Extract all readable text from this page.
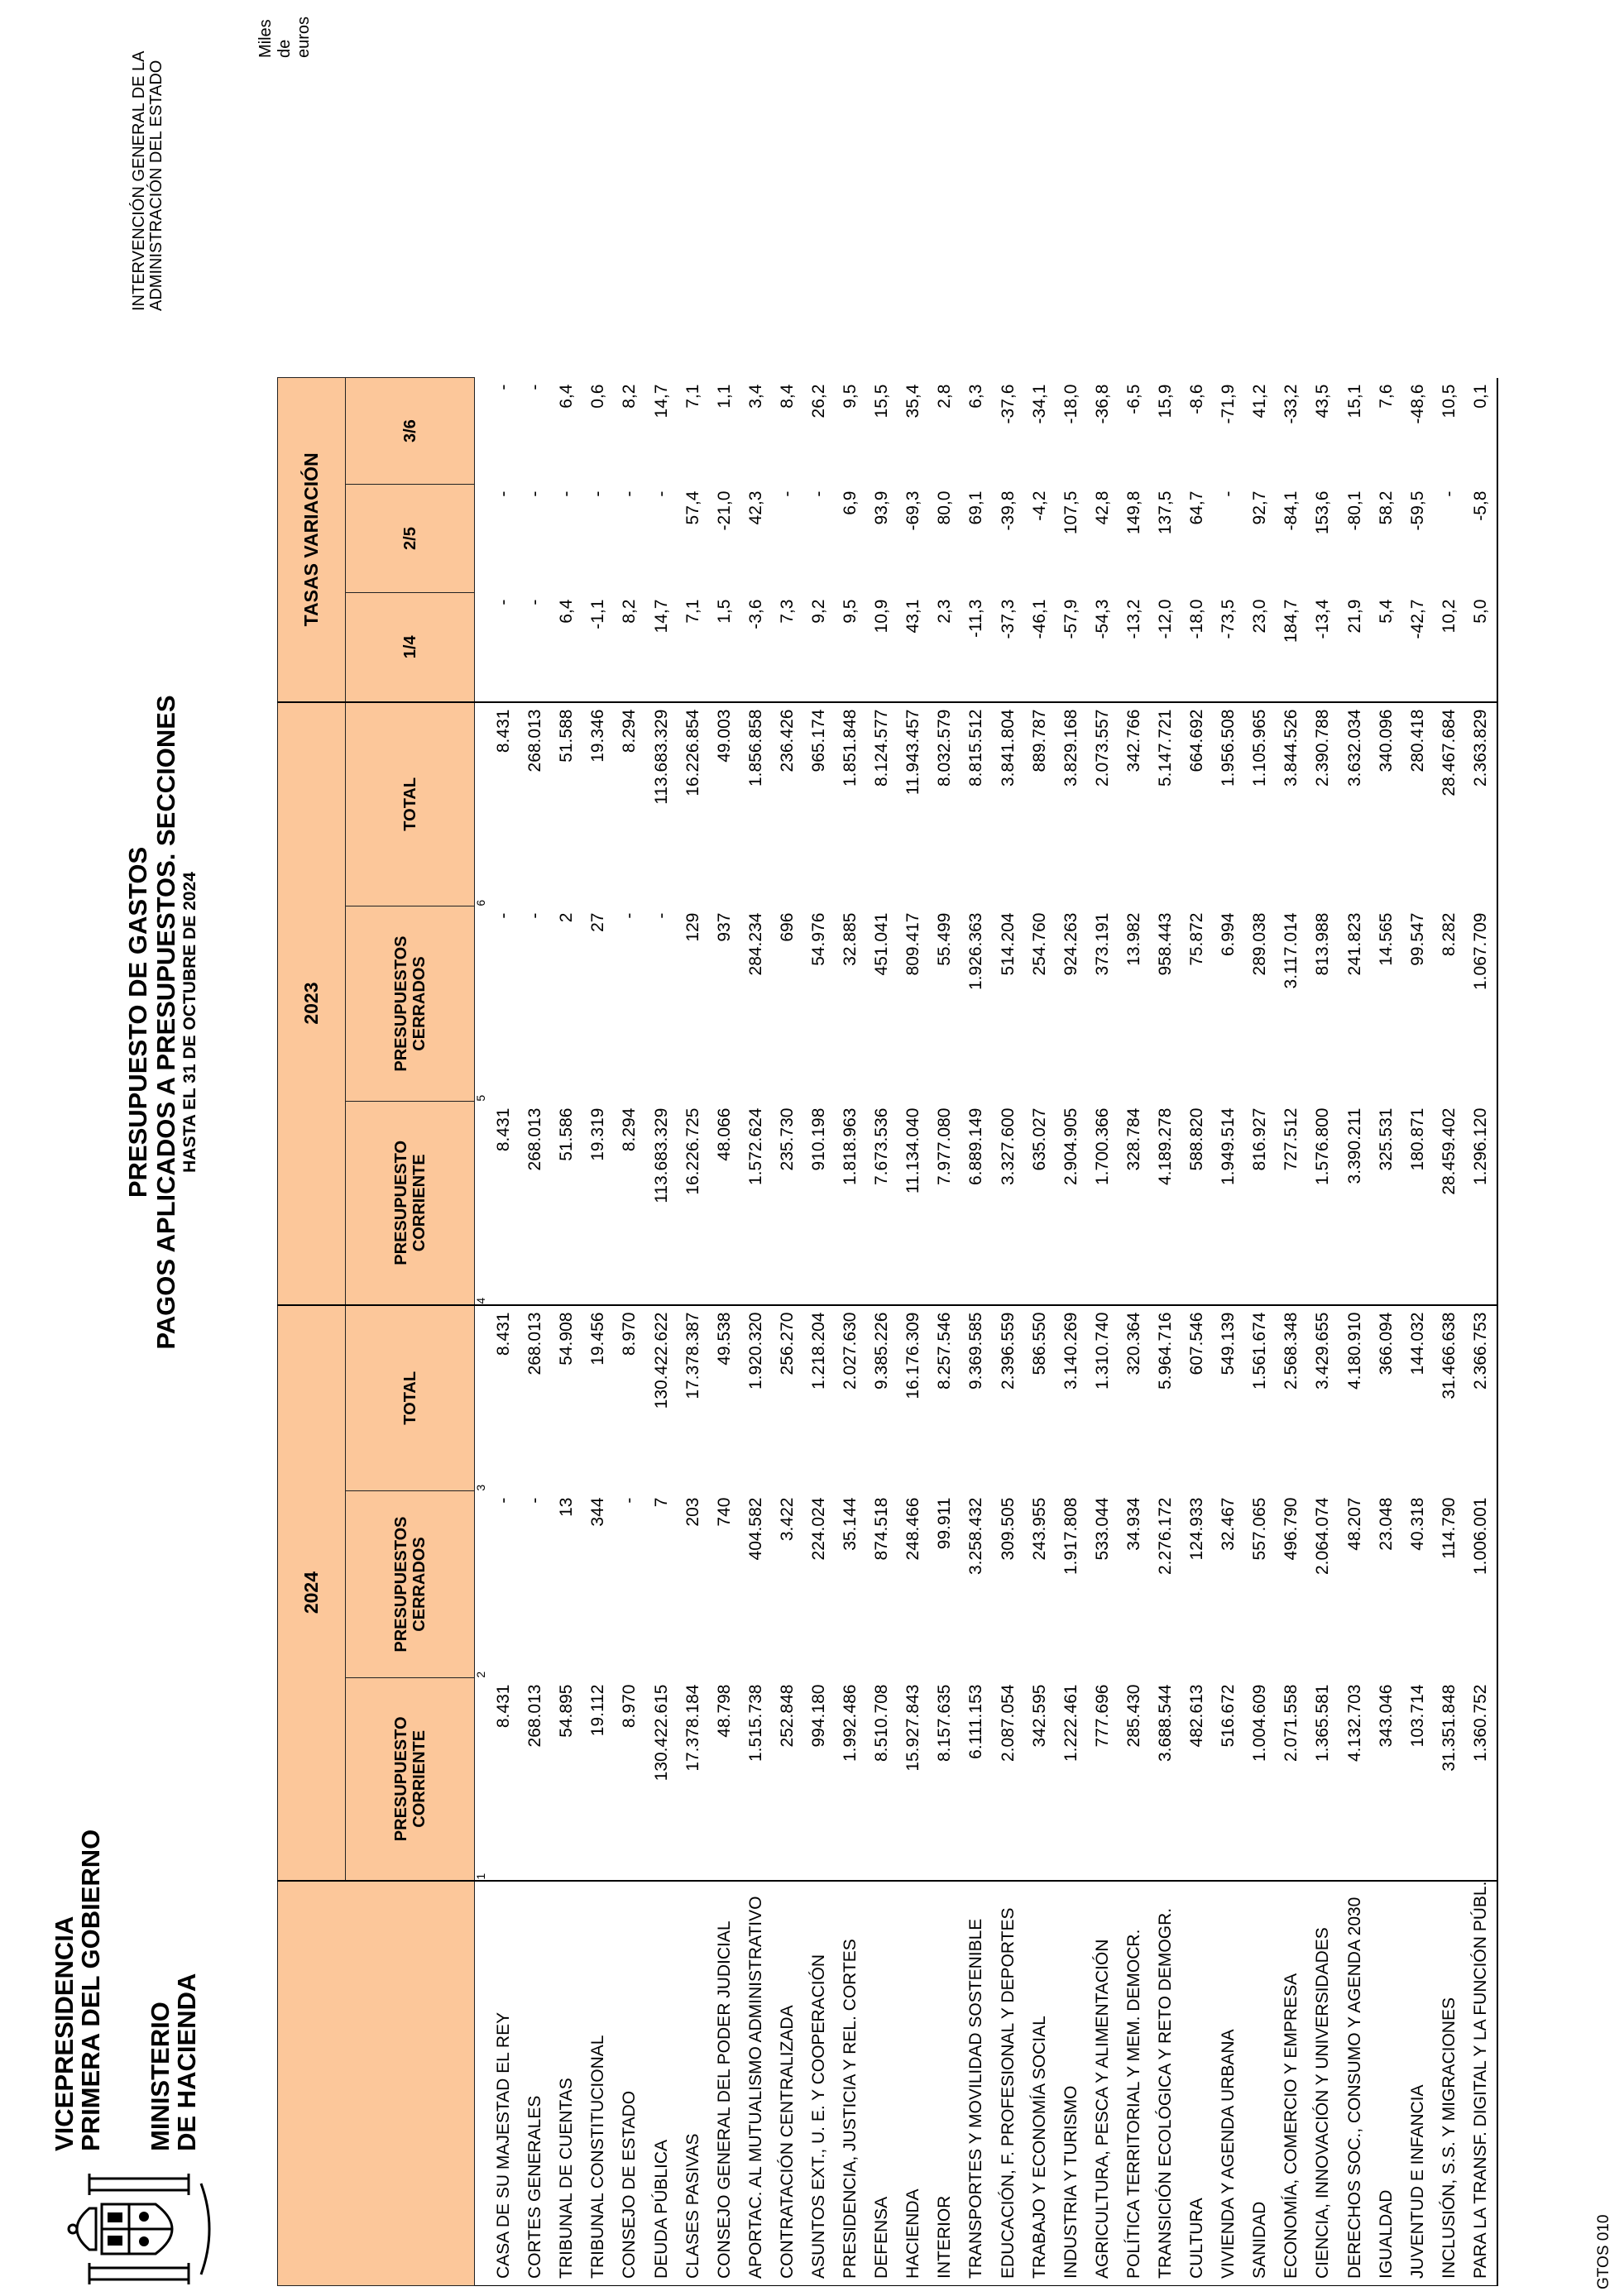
VICEPRESIDENCIA
PRIMERA DEL GOBIERNO MINISTERIO
DE HACIENDA
PRESUPUESTO DE GASTOS PAGOS APLICADOS A PRESUPUESTOS. SECCIONES HASTA EL 31 DE OCTUBRE DE 2024
INTERVENCIÓN GENERAL DE LA ADMINISTRACIÓN DEL ESTADO
Miles de euros
	2024			2023			TASAS VARIACIÓN		
	PRESUPUESTO CORRIENTE	PRESUPUESTOS CERRADOS	TOTAL	PRESUPUESTO CORRIENTE	PRESUPUESTOS CERRADOS	TOTAL	1/4	2/5	3/6
	1	2	3	4	5	6			
CASA DE SU MAJESTAD EL REY	8.431	-	8.431	8.431	-	8.431	-	-	-
CORTES GENERALES	268.013	-	268.013	268.013	-	268.013	-	-	-
TRIBUNAL DE CUENTAS	54.895	13	54.908	51.586	2	51.588	6,4	-	6,4
TRIBUNAL CONSTITUCIONAL	19.112	344	19.456	19.319	27	19.346	-1,1	-	0,6
CONSEJO DE ESTADO	8.970	-	8.970	8.294	-	8.294	8,2	-	8,2
DEUDA PÚBLICA	130.422.615	7	130.422.622	113.683.329	-	113.683.329	14,7	-	14,7
CLASES PASIVAS	17.378.184	203	17.378.387	16.226.725	129	16.226.854	7,1	57,4	7,1
CONSEJO GENERAL DEL PODER JUDICIAL	48.798	740	49.538	48.066	937	49.003	1,5	-21,0	1,1
APORTAC. AL MUTUALISMO ADMINISTRATIVO	1.515.738	404.582	1.920.320	1.572.624	284.234	1.856.858	-3,6	42,3	3,4
CONTRATACIÓN CENTRALIZADA	252.848	3.422	256.270	235.730	696	236.426	7,3	-	8,4
ASUNTOS EXT., U. E. Y COOPERACIÓN	994.180	224.024	1.218.204	910.198	54.976	965.174	9,2	-	26,2
PRESIDENCIA, JUSTICIA Y REL. CORTES	1.992.486	35.144	2.027.630	1.818.963	32.885	1.851.848	9,5	6,9	9,5
DEFENSA	8.510.708	874.518	9.385.226	7.673.536	451.041	8.124.577	10,9	93,9	15,5
HACIENDA	15.927.843	248.466	16.176.309	11.134.040	809.417	11.943.457	43,1	-69,3	35,4
INTERIOR	8.157.635	99.911	8.257.546	7.977.080	55.499	8.032.579	2,3	80,0	2,8
TRANSPORTES Y MOVILIDAD SOSTENIBLE	6.111.153	3.258.432	9.369.585	6.889.149	1.926.363	8.815.512	-11,3	69,1	6,3
EDUCACIÓN, F. PROFESIONAL Y DEPORTES	2.087.054	309.505	2.396.559	3.327.600	514.204	3.841.804	-37,3	-39,8	-37,6
TRABAJO Y ECONOMÍA SOCIAL	342.595	243.955	586.550	635.027	254.760	889.787	-46,1	-4,2	-34,1
INDUSTRIA Y TURISMO	1.222.461	1.917.808	3.140.269	2.904.905	924.263	3.829.168	-57,9	107,5	-18,0
AGRICULTURA, PESCA Y ALIMENTACIÓN	777.696	533.044	1.310.740	1.700.366	373.191	2.073.557	-54,3	42,8	-36,8
POLÍTICA TERRITORIAL Y MEM. DEMOCR.	285.430	34.934	320.364	328.784	13.982	342.766	-13,2	149,8	-6,5
TRANSICIÓN ECOLÓGICA Y RETO DEMOGR.	3.688.544	2.276.172	5.964.716	4.189.278	958.443	5.147.721	-12,0	137,5	15,9
CULTURA	482.613	124.933	607.546	588.820	75.872	664.692	-18,0	64,7	-8,6
VIVIENDA Y AGENDA URBANA	516.672	32.467	549.139	1.949.514	6.994	1.956.508	-73,5	-	-71,9
SANIDAD	1.004.609	557.065	1.561.674	816.927	289.038	1.105.965	23,0	92,7	41,2
ECONOMÍA, COMERCIO Y EMPRESA	2.071.558	496.790	2.568.348	727.512	3.117.014	3.844.526	184,7	-84,1	-33,2
CIENCIA, INNOVACIÓN Y UNIVERSIDADES	1.365.581	2.064.074	3.429.655	1.576.800	813.988	2.390.788	-13,4	153,6	43,5
DERECHOS SOC., CONSUMO Y AGENDA 2030	4.132.703	48.207	4.180.910	3.390.211	241.823	3.632.034	21,9	-80,1	15,1
IGUALDAD	343.046	23.048	366.094	325.531	14.565	340.096	5,4	58,2	7,6
JUVENTUD E INFANCIA	103.714	40.318	144.032	180.871	99.547	280.418	-42,7	-59,5	-48,6
INCLUSIÓN, S.S. Y MIGRACIONES	31.351.848	114.790	31.466.638	28.459.402	8.282	28.467.684	10,2	-	10,5
PARA LA TRANSF. DIGITAL Y LA FUNCIÓN PÚBL.	1.360.752	1.006.001	2.366.753	1.296.120	1.067.709	2.363.829	5,0	-5,8	0,1
GTOS 010
